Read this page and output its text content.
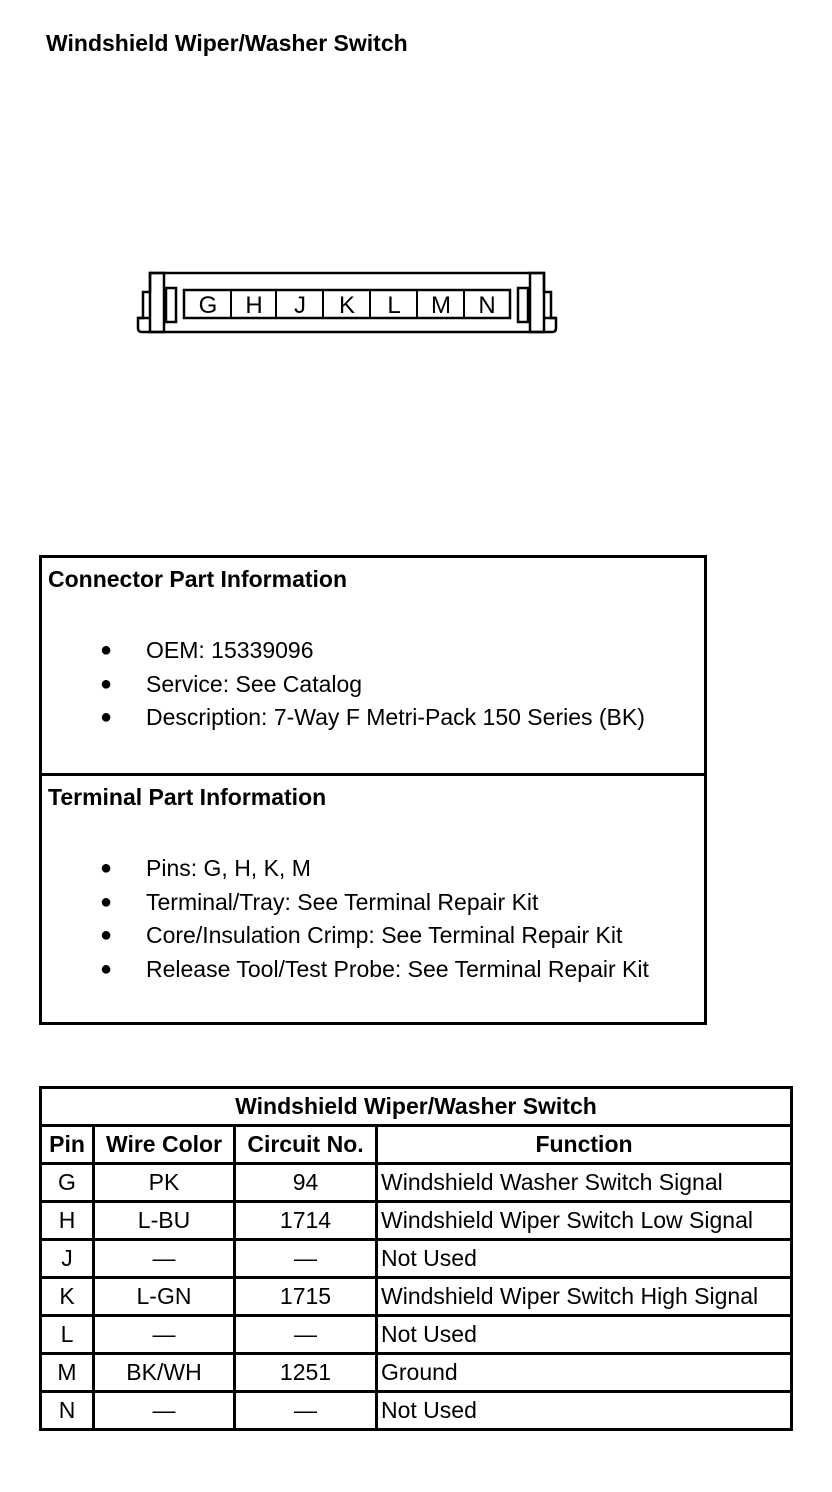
Windshield Wiper/Washer Switch
G H J K L M N
Connector Part Information
● OEM: 15339096
● Service: See Catalog
● Description: 7-Way F Metri-Pack 150 Series (BK)
Terminal Part Information
● Pins: G, H, K, M
● Terminal/Tray: See Terminal Repair Kit
● Core/Insulation Crimp: See Terminal Repair Kit
● Release Tool/Test Probe: See Terminal Repair Kit
Windshield Wiper/Washer Switch			
Pin	Wire Color	Circuit No.	Function
G	PK	94	Windshield Washer Switch Signal
H	L-BU	1714	Windshield Wiper Switch Low Signal
J	—	—	Not Used
K	L-GN	1715	Windshield Wiper Switch High Signal
L	—	—	Not Used
M	BK/WH	1251	Ground
N	—	—	Not Used
